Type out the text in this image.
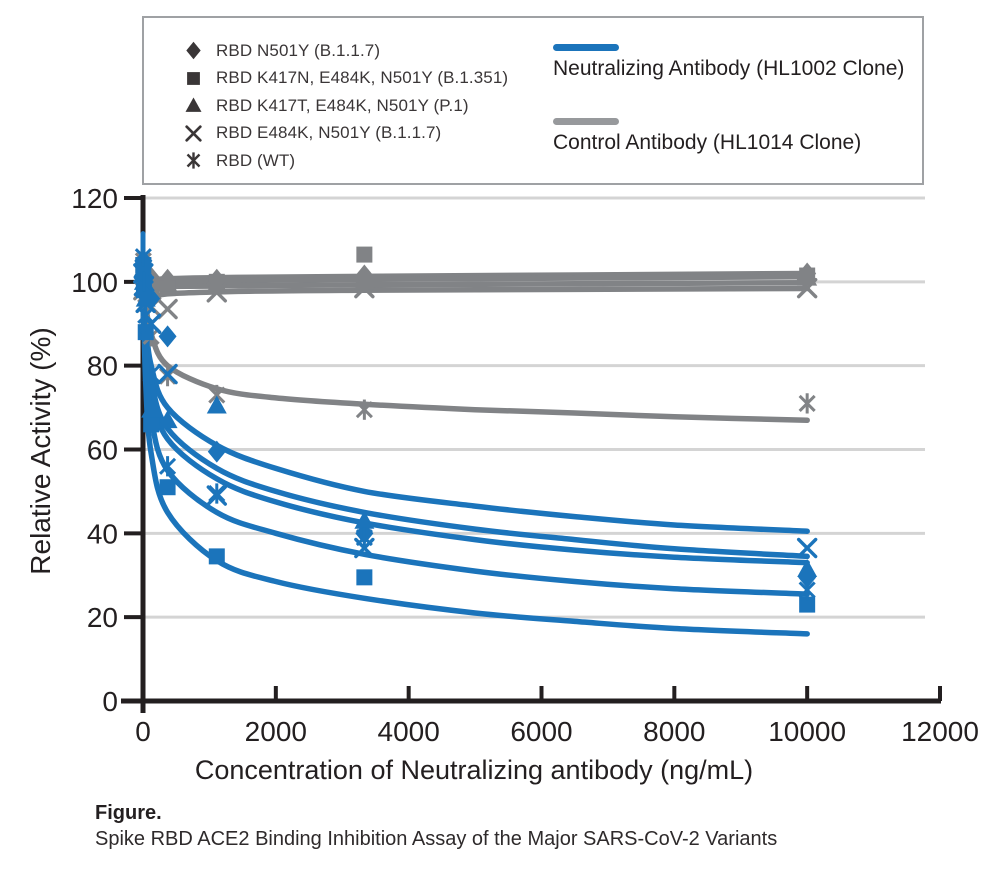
0
20
40
60
80
100
120
0	2000	4000	6000	8000 10000 12000
Concentration of Neutralizing antibody (ng/mL)
Relative Activity (%)
RBD N501Y (B.1.1.7)
RBD K417N, E484K, N501Y (B.1.351)
RBD K417T, E484K, N501Y (P.1)
RBD E484K, N501Y (B.1.1.7)
RBD (WT)
Neutralizing Antibody (HL1002 Clone)
Control Antibody (HL1014 Clone)
Figure.
Spike RBD ACE2 Binding Inhibition Assay of the Major SARS-CoV-2 Variants
